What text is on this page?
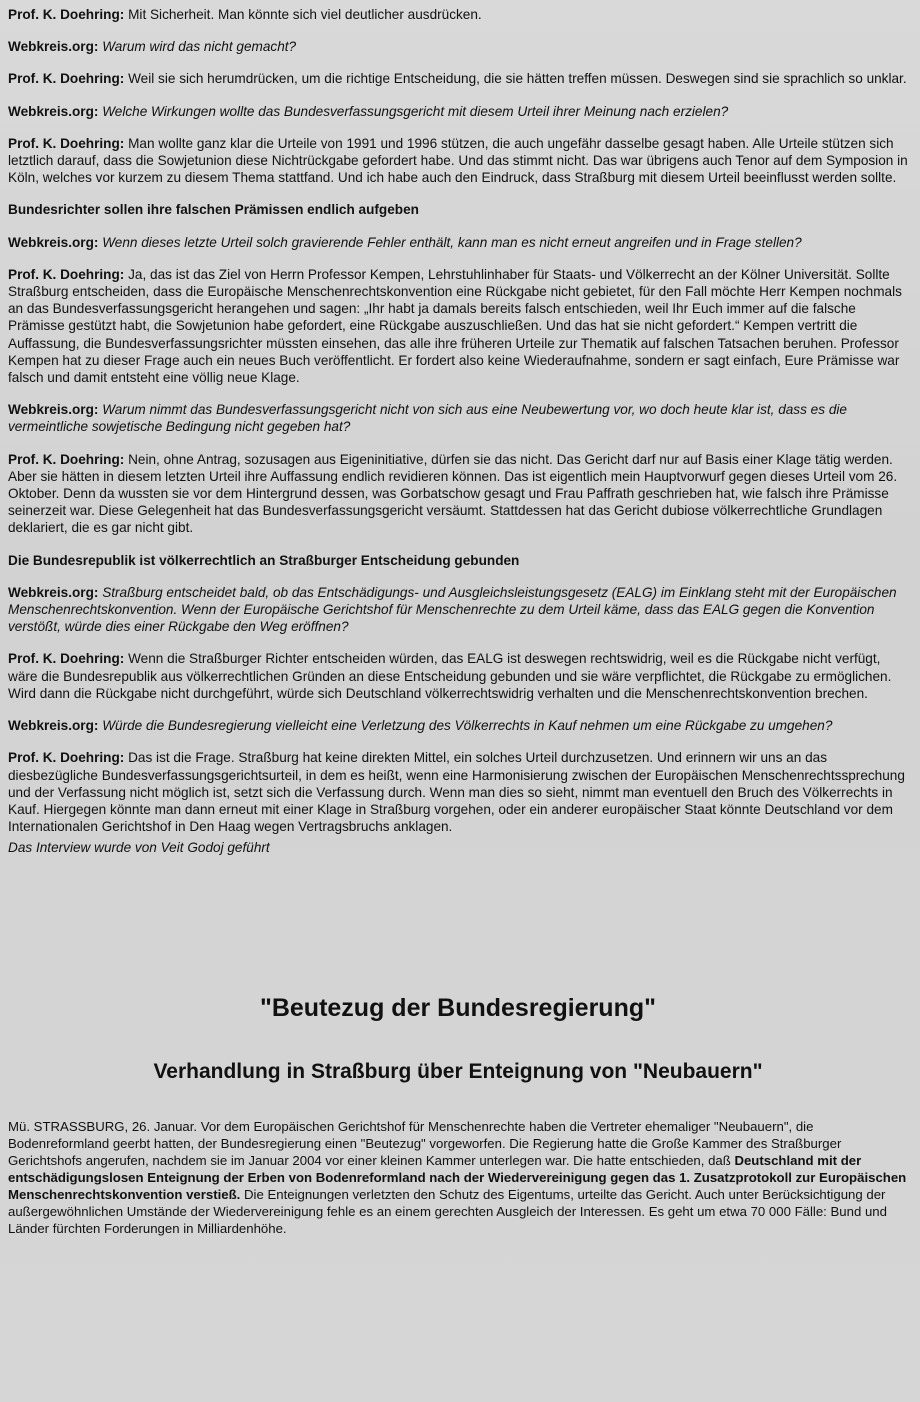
Prof. K. Doehring: Mit Sicherheit. Man könnte sich viel deutlicher ausdrücken.

Webkreis.org: Warum wird das nicht gemacht?

Prof. K. Doehring: Weil sie sich herumdrücken, um die richtige Entscheidung, die sie hätten treffen müssen. Deswegen sind sie sprachlich so unklar.

Webkreis.org: Welche Wirkungen wollte das Bundesverfassungsgericht mit diesem Urteil ihrer Meinung nach erzielen?

Prof. K. Doehring: Man wollte ganz klar die Urteile von 1991 und 1996 stützen, die auch ungefähr dasselbe gesagt haben. Alle Urteile stützen sich letztlich darauf, dass die Sowjetunion diese Nichtrückgabe gefordert habe. Und das stimmt nicht. Das war übrigens auch Tenor auf dem Symposion in Köln, welches vor kurzem zu diesem Thema stattfand. Und ich habe auch den Eindruck, dass Straßburg mit diesem Urteil beeinflusst werden sollte.

Bundesrichter sollen ihre falschen Prämissen endlich aufgeben

Webkreis.org: Wenn dieses letzte Urteil solch gravierende Fehler enthält, kann man es nicht erneut angreifen und in Frage stellen?

Prof. K. Doehring: Ja, das ist das Ziel von Herrn Professor Kempen, Lehrstuhlinhaber für Staats- und Völkerrecht an der Kölner Universität. Sollte Straßburg entscheiden, dass die Europäische Menschenrechtskonvention eine Rückgabe nicht gebietet, für den Fall möchte Herr Kempen nochmals an das Bundesverfassungsgericht herangehen und sagen: „Ihr habt ja damals bereits falsch entschieden, weil Ihr Euch immer auf die falsche Prämisse gestützt habt, die Sowjetunion habe gefordert, eine Rückgabe auszuschließen. Und das hat sie nicht gefordert.“ Kempen vertritt die Auffassung, die Bundesverfassungsrichter müssten einsehen, das alle ihre früheren Urteile zur Thematik auf falschen Tatsachen beruhen. Professor Kempen hat zu dieser Frage auch ein neues Buch veröffentlicht. Er fordert also keine Wiederaufnahme, sondern er sagt einfach, Eure Prämisse war falsch und damit entsteht eine völlig neue Klage.

Webkreis.org: Warum nimmt das Bundesverfassungsgericht nicht von sich aus eine Neubewertung vor, wo doch heute klar ist, dass es die vermeintliche sowjetische Bedingung nicht gegeben hat?

Prof. K. Doehring: Nein, ohne Antrag, sozusagen aus Eigeninitiative, dürfen sie das nicht. Das Gericht darf nur auf Basis einer Klage tätig werden. Aber sie hätten in diesem letzten Urteil ihre Auffassung endlich revidieren können. Das ist eigentlich mein Hauptvorwurf gegen dieses Urteil vom 26. Oktober. Denn da wussten sie vor dem Hintergrund dessen, was Gorbatschow gesagt und Frau Paffrath geschrieben hat, wie falsch ihre Prämisse seinerzeit war. Diese Gelegenheit hat das Bundesverfassungsgericht versäumt. Stattdessen hat das Gericht dubiose völkerrechtliche Grundlagen deklariert, die es gar nicht gibt.

Die Bundesrepublik ist völkerrechtlich an Straßburger Entscheidung gebunden

Webkreis.org: Straßburg entscheidet bald, ob das Entschädigungs- und Ausgleichsleistungsgesetz (EALG) im Einklang steht mit der Europäischen Menschenrechtskonvention. Wenn der Europäische Gerichtshof für Menschenrechte zu dem Urteil käme, dass das EALG gegen die Konvention verstößt, würde dies einer Rückgabe den Weg eröffnen?

Prof. K. Doehring: Wenn die Straßburger Richter entscheiden würden, das EALG ist deswegen rechtswidrig, weil es die Rückgabe nicht verfügt, wäre die Bundesrepublik aus völkerrechtlichen Gründen an diese Entscheidung gebunden und sie wäre verpflichtet, die Rückgabe zu ermöglichen. Wird dann die Rückgabe nicht durchgeführt, würde sich Deutschland völkerrechtswidrig verhalten und die Menschenrechtskonvention brechen.

Webkreis.org: Würde die Bundesregierung vielleicht eine Verletzung des Völkerrechts in Kauf nehmen um eine Rückgabe zu umgehen?

Prof. K. Doehring: Das ist die Frage. Straßburg hat keine direkten Mittel, ein solches Urteil durchzusetzen. Und erinnern wir uns an das diesbezügliche Bundesverfassungsgerichtsurteil, in dem es heißt, wenn eine Harmonisierung zwischen der Europäischen Menschenrechtssprechung und der Verfassung nicht möglich ist, setzt sich die Verfassung durch. Wenn man dies so sieht, nimmt man eventuell den Bruch des Völkerrechts in Kauf. Hiergegen könnte man dann erneut mit einer Klage in Straßburg vorgehen, oder ein anderer europäischer Staat könnte Deutschland vor dem Internationalen Gerichtshof in Den Haag wegen Vertragsbruchs anklagen.

Das Interview wurde von Veit Godoj geführt

"Beutezug der Bundesregierung"
Verhandlung in Straßburg über Enteignung von "Neubauern"

Mü. STRASSBURG, 26. Januar. Vor dem Europäischen Gerichtshof für Menschenrechte haben die Vertreter ehemaliger "Neubauern", die Bodenreformland geerbt hatten, der Bundesregierung einen "Beutezug" vorgeworfen. Die Regierung hatte die Große Kammer des Straßburger Gerichtshofs angerufen, nachdem sie im Januar 2004 vor einer kleinen Kammer unterlegen war. Die hatte entschieden, daß Deutschland mit der entschädigungslosen Enteignung der Erben von Bodenreformland nach der Wiedervereinigung gegen das 1. Zusatzprotokoll zur Europäischen Menschenrechtskonvention verstieß. Die Enteignungen verletzten den Schutz des Eigentums, urteilte das Gericht. Auch unter Berücksichtigung der außergewöhnlichen Umstände der Wiedervereinigung fehle es an einem gerechten Ausgleich der Interessen. Es geht um etwa 70 000 Fälle: Bund und Länder fürchten Forderungen in Milliardenhöhe.
